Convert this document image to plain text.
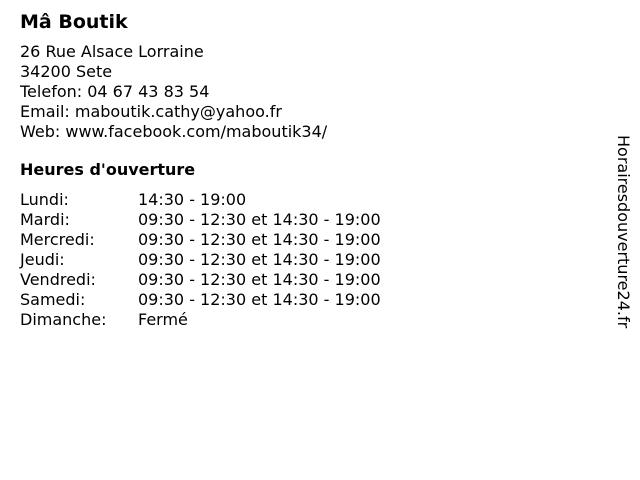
Mâ Boutik
26 Rue Alsace Lorraine
34200 Sete
Telefon: 04 67 43 83 54
Email: maboutik.cathy@yahoo.fr
Web: www.facebook.com/maboutik34/
Heures d'ouverture
Lundi:	14:30 - 19:00
Mardi:	09:30 - 12:30 et 14:30 - 19:00
Mercredi:	09:30 - 12:30 et 14:30 - 19:00
Jeudi:	09:30 - 12:30 et 14:30 - 19:00
Vendredi:	09:30 - 12:30 et 14:30 - 19:00
Samedi:	09:30 - 12:30 et 14:30 - 19:00
Dimanche:	Fermé	Horairesdouverture24.fr
